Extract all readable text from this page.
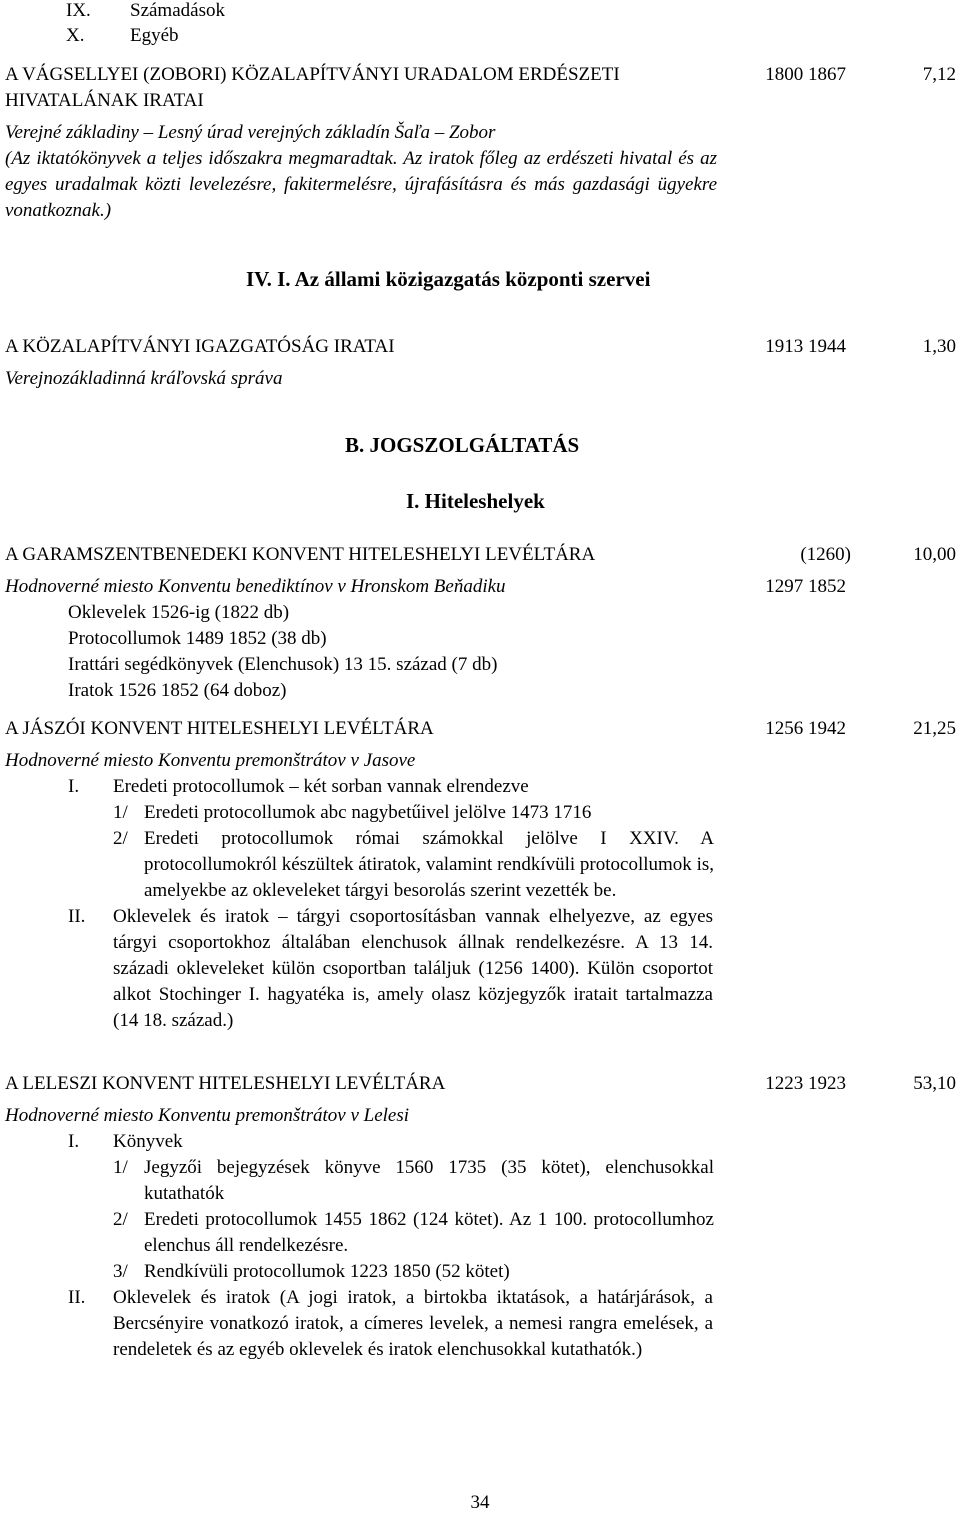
IX. Számadások
X. Egyéb
A VÁGSELLYEI (ZOBORI) KÖZALAPÍTVÁNYI URADALOM ERDÉSZETI	1800 1867	7,12
HIVATALÁNAK IRATAI
Verejné základiny – Lesný úrad verejných základín Šaľa – Zobor
(Az iktatókönyvek a teljes időszakra megmaradtak. Az iratok főleg az erdészeti hivatal és az egyes uradalmak közti levelezésre, fakitermelésre, újrafásításra és más gazdasági ügyekre vonatkoznak.)
IV. I. Az állami közigazgatás központi szervei
A KÖZALAPÍTVÁNYI IGAZGATÓSÁG IRATAI	1913 1944	1,30
Verejnozákladinná kráľovská správa
B. JOGSZOLGÁLTATÁS
I. Hiteleshelyek
A GARAMSZENTBENEDEKI KONVENT HITELESHELYI LEVÉLTÁRA	(1260)	10,00
Hodnoverné miesto Konventu benediktínov v Hronskom Beňadiku	1297 1852
Oklevelek 1526-ig (1822 db)
Protocollumok 1489 1852 (38 db)
Irattári segédkönyvek (Elenchusok) 13 15. század (7 db)
Iratok 1526 1852 (64 doboz)
A JÁSZÓI KONVENT HITELESHELYI LEVÉLTÁRA	1256 1942	21,25
Hodnoverné miesto Konventu premonštrátov v Jasove
I. Eredeti protocollumok – két sorban vannak elrendezve
1/ Eredeti protocollumok abc nagybetűivel jelölve 1473 1716
2/ Eredeti protocollumok római számokkal jelölve I XXIV. A protocollumokról készültek átiratok, valamint rendkívüli protocollumok is, amelyekbe az okleveleket tárgyi besorolás szerint vezették be.
II. Oklevelek és iratok – tárgyi csoportosításban vannak elhelyezve, az egyes tárgyi csoportokhoz általában elenchusok állnak rendelkezésre. A 13 14. századi okleveleket külön csoportban találjuk (1256 1400). Külön csoportot alkot Stochinger I. hagyatéka is, amely olasz közjegyzők iratait tartalmazza (14 18. század.)
A LELESZI KONVENT HITELESHELYI LEVÉLTÁRA	1223 1923	53,10
Hodnoverné miesto Konventu premonštrátov v Lelesi
I. Könyvek
1/ Jegyzői bejegyzések könyve 1560 1735 (35 kötet), elenchusokkal kutathatók
2/ Eredeti protocollumok 1455 1862 (124 kötet). Az 1 100. protocollumhoz elenchus áll rendelkezésre.
3/ Rendkívüli protocollumok 1223 1850 (52 kötet)
II. Oklevelek és iratok (A jogi iratok, a birtokba iktatások, a határjárások, a Bercsényire vonatkozó iratok, a címeres levelek, a nemesi rangra emelések, a rendeletek és az egyéb oklevelek és iratok elenchusokkal kutathatók.)
34
